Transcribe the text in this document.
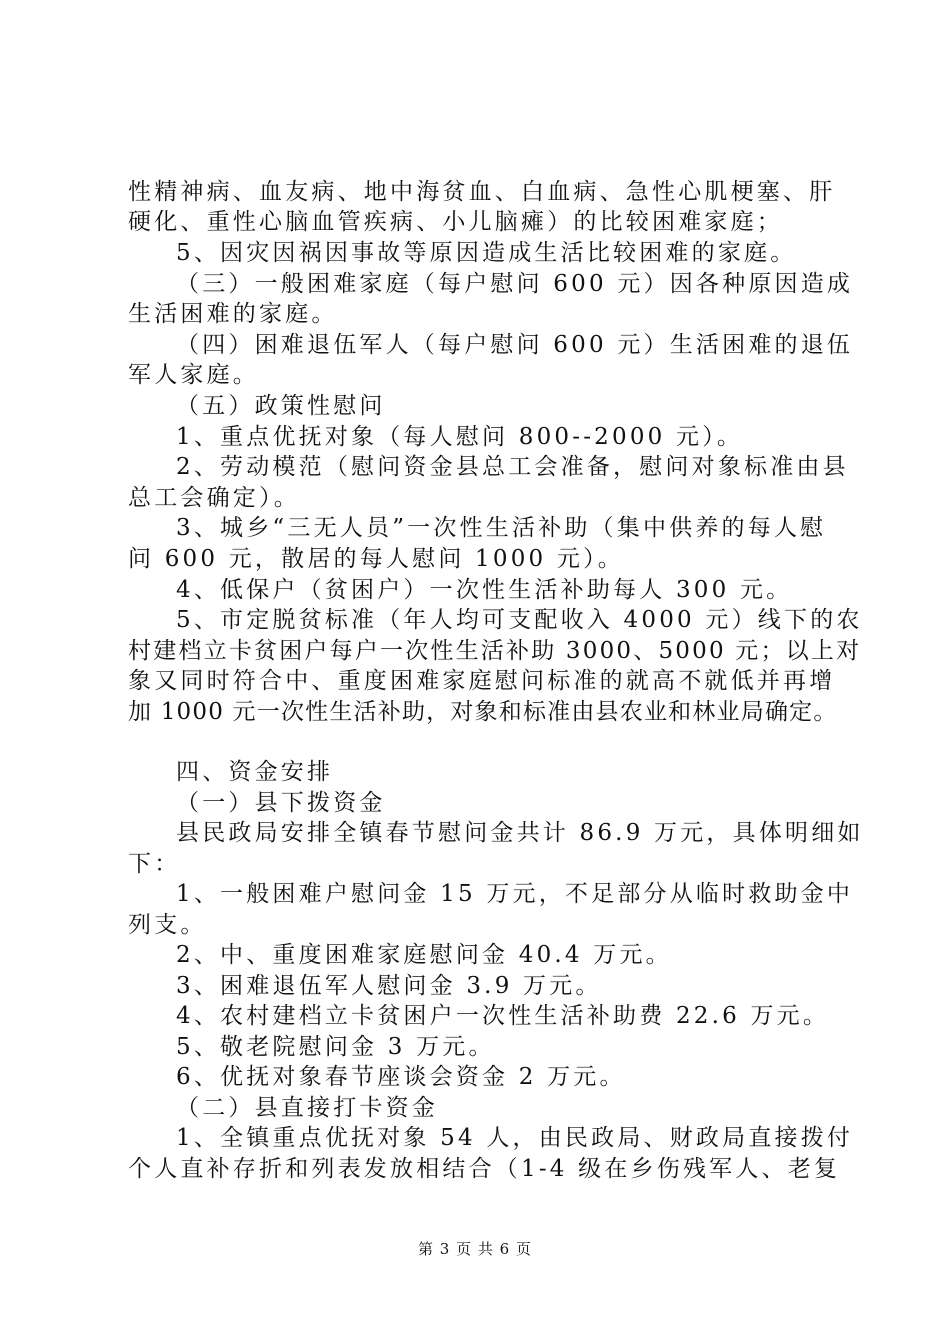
性精神病、血友病、地中海贫血、白血病、急性心肌梗塞、肝
硬化、重性心脑血管疾病、小儿脑瘫）的比较困难家庭；
5、因灾因祸因事故等原因造成生活比较困难的家庭。
（三）一般困难家庭（每户慰问 600 元）因各种原因造成
生活困难的家庭。
（四）困难退伍军人（每户慰问 600 元）生活困难的退伍
军人家庭。
（五）政策性慰问
1、重点优抚对象（每人慰问 800--2000 元）。
2、劳动模范（慰问资金县总工会准备，慰问对象标准由县
总工会确定）。
3、城乡“三无人员”一次性生活补助（集中供养的每人慰
问 600 元，散居的每人慰问 1000 元）。
4、低保户（贫困户）一次性生活补助每人 300 元。
5、市定脱贫标准（年人均可支配收入 4000 元）线下的农
村建档立卡贫困户每户一次性生活补助 3000、5000 元；以上对
象又同时符合中、重度困难家庭慰问标准的就高不就低并再增
加 1000 元一次性生活补助，对象和标准由县农业和林业局确定。
四、资金安排
（一）县下拨资金
县民政局安排全镇春节慰问金共计 86.9 万元，具体明细如
下：
1、一般困难户慰问金 15 万元，不足部分从临时救助金中
列支。
2、中、重度困难家庭慰问金 40.4 万元。
3、困难退伍军人慰问金 3.9 万元。
4、农村建档立卡贫困户一次性生活补助费 22.6 万元。
5、敬老院慰问金 3 万元。
6、优抚对象春节座谈会资金 2 万元。
（二）县直接打卡资金
1、全镇重点优抚对象 54 人，由民政局、财政局直接拨付
个人直补存折和列表发放相结合（1-4 级在乡伤残军人、老复
第 3 页 共 6 页
